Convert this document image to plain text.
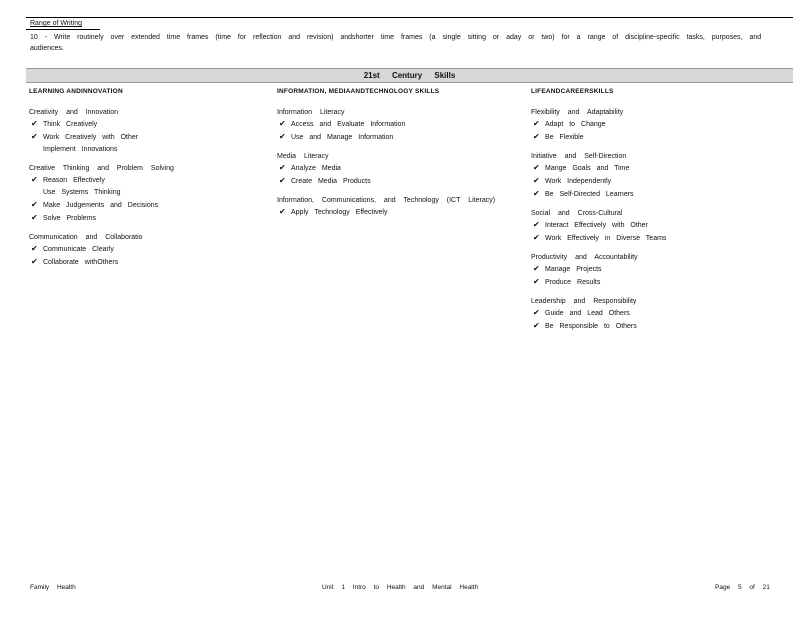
Range of Writing
10 - Write routinely over extended time frames (time for reflection and revision) andshorter time frames (a single sitting or aday or two) for a range of discipline-specific tasks, purposes, and audiences.
21st Century Skills
LEARNING ANDINNOVATION
Creativity and Innovation
✔ Think Creatively
✔ Work Creatively with Other
Implement Innovations
Creative Thinking and Problem Solving
✔ Reason Effectively
Use Systems Thinking
✔ Make Judgements and Decisions
✔ Solve Problems
Communication and Collaboratio
✔ Communicate Clearly
✔ Collaborate withOthers
INFORMATION, MEDIAANDTECHNOLOGY SKILLS
Information Literacy
✔ Access and Evaluate Information
✔ Use and Manage Information
Media Literacy
✔ Analyze Media
✔ Create Media Products
Information, Communications, and Technology (ICT Literacy)
✔ Apply Technology Effectively
LIFEANDCAREERSKILLS
Flexibility and Adaptability
✔ Adapt to Change
✔ Be Flexible
Initiative and Self-Direction
✔ Mange Goals and Time
✔ Work Independently
✔ Be Self-Directed Learners
Social and Cross-Cultural
✔ Interact Effectively with Other
✔ Work Effectively in Diverse Teams
Productivity and Accountability
✔ Manage Projects
✔ Produce Results
Leadership and Responsibility
✔ Guide and Lead Others
✔ Be Responsible to Others
Family Health	Unit 1 Intro to Health and Mental Health	Page 5 of 21
